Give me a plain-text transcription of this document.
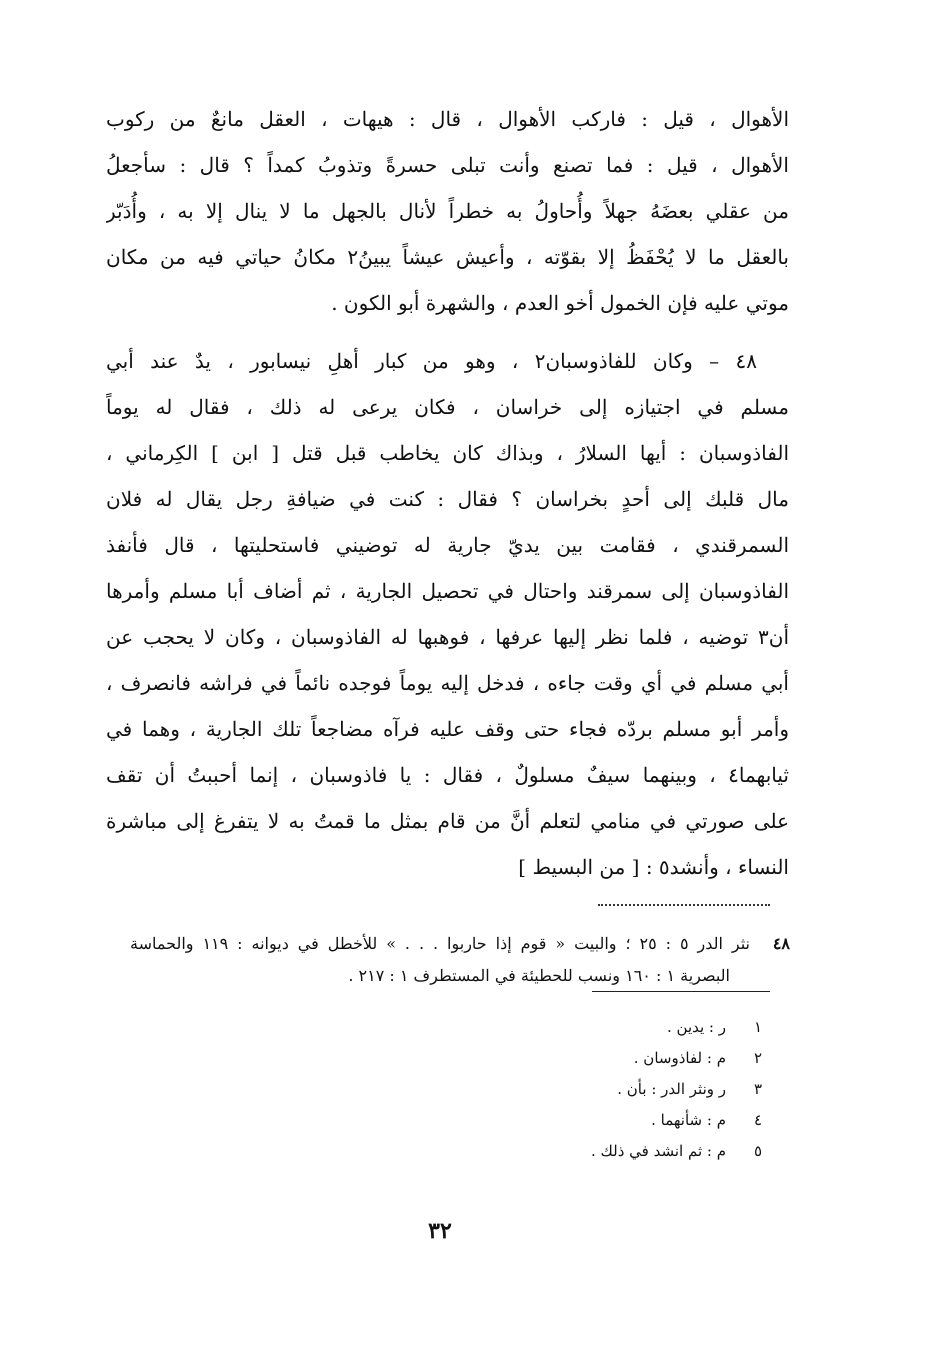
الأهوال ، قيل : فاركب الأهوال ، قال : هيهات ، العقل مانعٌ من ركوب
الأهوال ، قيل : فما تصنع وأنت تبلى حسرةً وتذوبُ كمداً ؟ قال : سأجعلُ
من عقلي بعضَهُ جهلاً وأُحاولُ به خطراً لأنال بالجهل ما لا ينال إلا به ، وأُدَبّر
بالعقل ما لا يُحْفَظُ إلا بقوّته ، وأعيش عيشاً يبينُ٢ مكانُ حياتي فيه من مكان
موتي عليه فإن الخمول أخو العدم ، والشهرة أبو الكون .
٤٨ – وكان للفاذوسبان٢ ، وهو من كبار أهلِ نيسابور ، يدٌ عند أبي
مسلم في اجتيازه إلى خراسان ، فكان يرعى له ذلك ، فقال له يوماً
الفاذوسبان : أيها السلارُ ، وبذاك كان يخاطب قبل قتل [ ابن ] الكِرماني ،
مال قلبك إلى أحدٍ بخراسان ؟ فقال : كنت في ضيافةِ رجل يقال له فلان
السمرقندي ، فقامت بين يديّ جارية له توضيني فاستحليتها ، قال فأنفذ
الفاذوسبان إلى سمرقند واحتال في تحصيل الجارية ، ثم أضاف أبا مسلم وأمرها
أن٣ توضيه ، فلما نظر إليها عرفها ، فوهبها له الفاذوسبان ، وكان لا يحجب عن
أبي مسلم في أي وقت جاءه ، فدخل إليه يوماً فوجده نائماً في فراشه فانصرف ،
وأمر أبو مسلم بردّه فجاء حتى وقف عليه فرآه مضاجعاً تلك الجارية ، وهما في
ثيابهما٤ ، وبينهما سيفٌ مسلولٌ ، فقال : يا فاذوسبان ، إنما أحببتُ أن تقف
على صورتي في منامي لتعلم أنَّ من قام بمثل ما قمتُ به لا يتفرغ إلى مباشرة
النساء ، وأنشد٥ : [ من البسيط ]
٤٨نثر الدر ٥ : ٢٥ ؛ والبيت « قوم إذا حاربوا . . . » للأخطل في ديوانه : ١١٩ والحماسة
البصرية ١ : ١٦٠ ونسب للحطيئة في المستطرف ١ : ٢١٧ .
١ر : يدين .
٢م : لفاذوسان .
٣ر ونثر الدر : بأن .
٤م : شأنهما .
٥م : ثم انشد في ذلك .
٣٢
